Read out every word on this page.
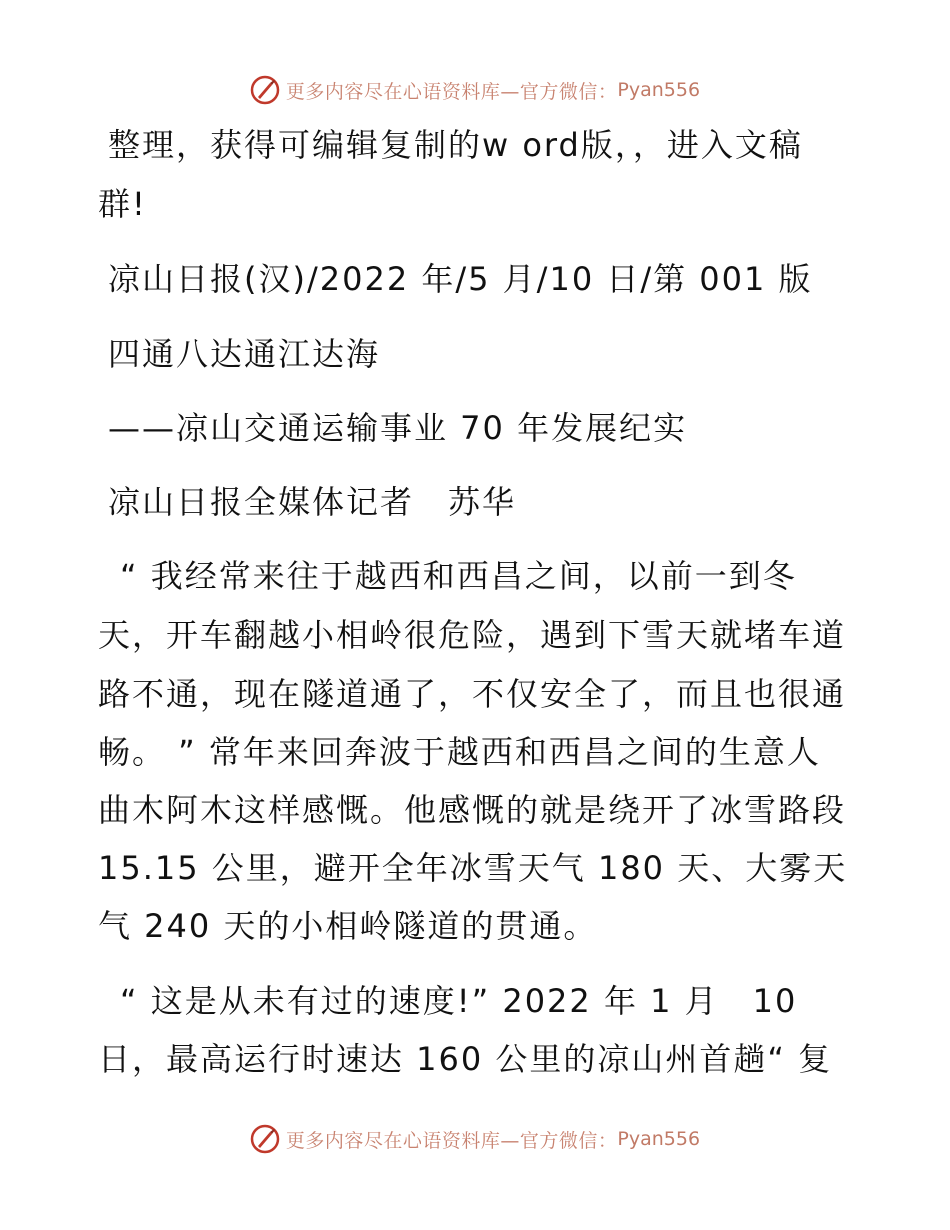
更多内容尽在心语资料库—官方微信： Pyan556
整理，获得可编辑复制的w ord版，，进入文稿
群!
凉山日报(汉)/2022 年/5 月/10 日/第 001 版
四通八达通江达海
——凉山交通运输事业 70 年发展纪实
凉山日报全媒体记者　苏华
“ 我经常来往于越西和西昌之间，以前一到冬
天，开车翻越小相岭很危险，遇到下雪天就堵车道
路不通，现在隧道通了，不仅安全了，而且也很通
畅。 ” 常年来回奔波于越西和西昌之间的生意人
曲木阿木这样感慨。他感慨的就是绕开了冰雪路段
15.15 公里，避开全年冰雪天气 180 天、大雾天
气 240 天的小相岭隧道的贯通。
“ 这是从未有过的速度!” 2022 年 1 月　10
日，最高运行时速达 160 公里的凉山州首趟“ 复
更多内容尽在心语资料库—官方微信： Pyan556
